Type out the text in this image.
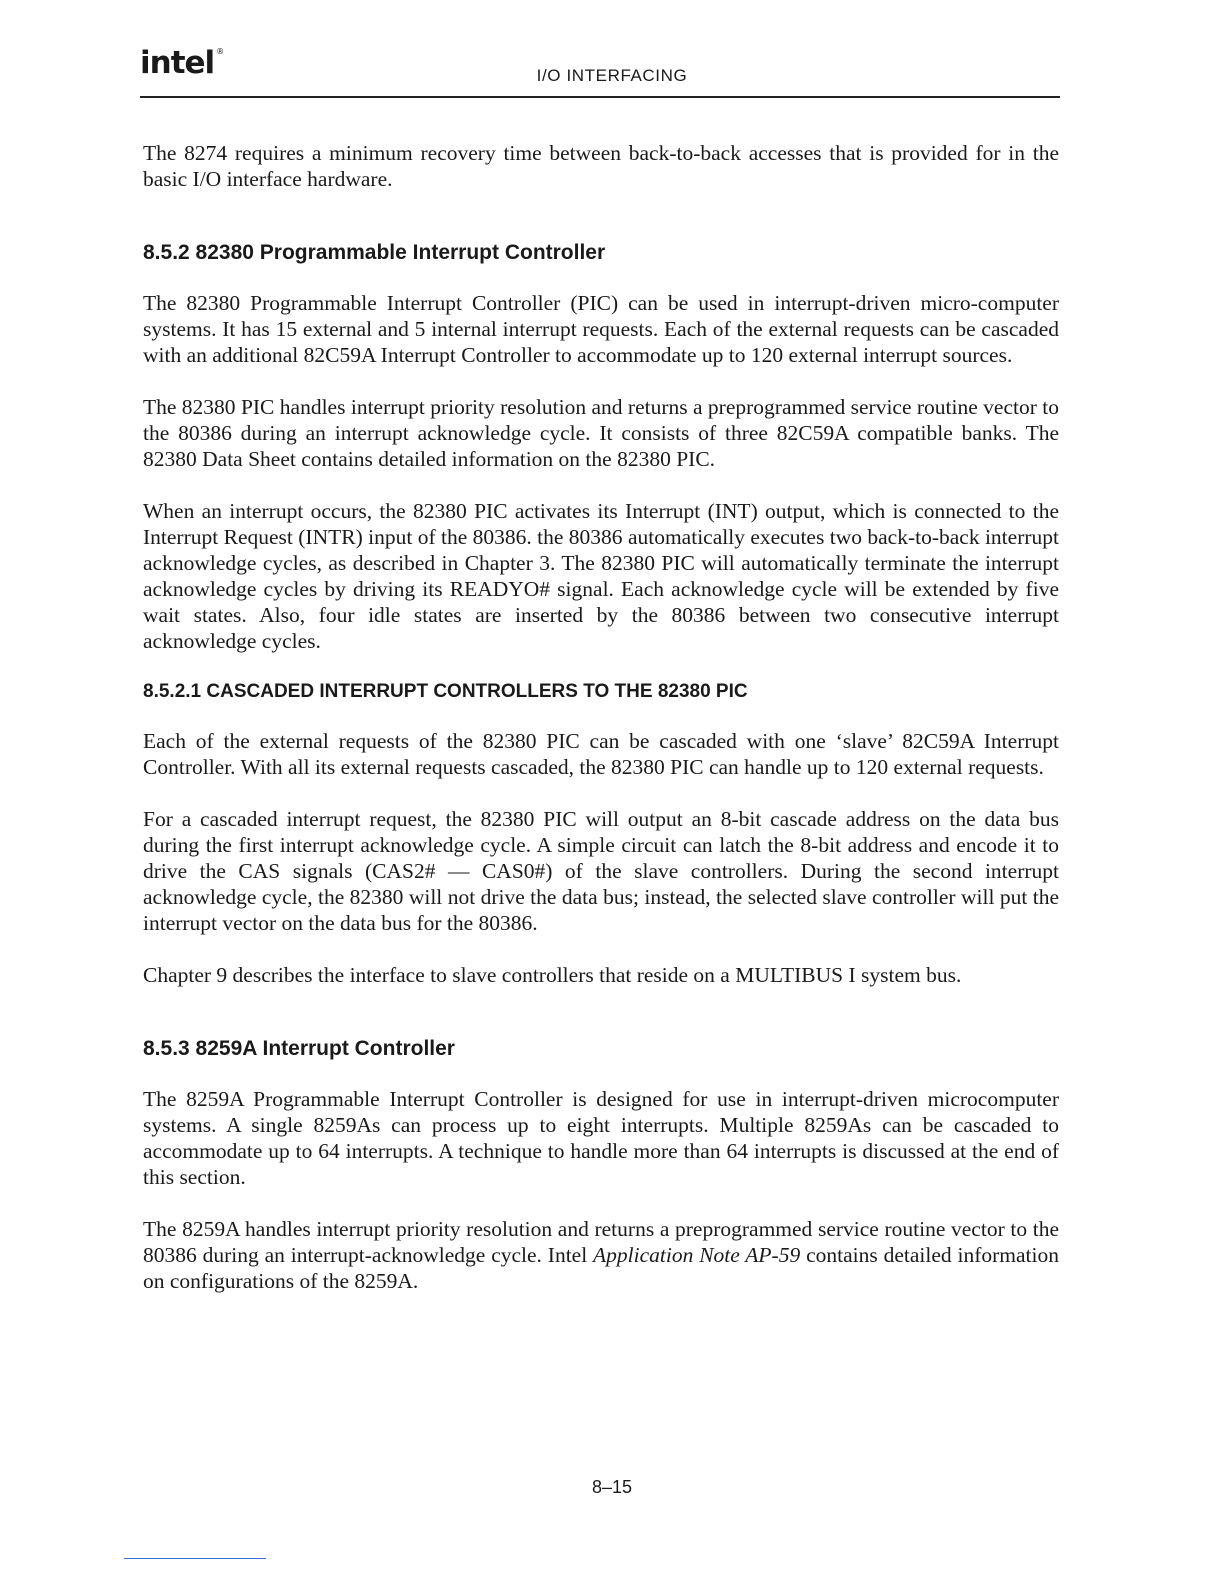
intel ®
I/O INTERFACING

The 8274 requires a minimum recovery time between back-to-back accesses that is provided for in the basic I/O interface hardware.

8.5.2 82380 Programmable Interrupt Controller

The 82380 Programmable Interrupt Controller (PIC) can be used in interrupt-driven micro-computer systems. It has 15 external and 5 internal interrupt requests. Each of the external requests can be cascaded with an additional 82C59A Interrupt Controller to accommodate up to 120 external interrupt sources.

The 82380 PIC handles interrupt priority resolution and returns a preprogrammed service routine vector to the 80386 during an interrupt acknowledge cycle. It consists of three 82C59A compatible banks. The 82380 Data Sheet contains detailed information on the 82380 PIC.

When an interrupt occurs, the 82380 PIC activates its Interrupt (INT) output, which is connected to the Interrupt Request (INTR) input of the 80386. the 80386 automatically executes two back-to-back interrupt acknowledge cycles, as described in Chapter 3. The 82380 PIC will automatically terminate the interrupt acknowledge cycles by driving its READYO# signal. Each acknowledge cycle will be extended by five wait states. Also, four idle states are inserted by the 80386 between two consecutive interrupt acknowledge cycles.

8.5.2.1 CASCADED INTERRUPT CONTROLLERS TO THE 82380 PIC

Each of the external requests of the 82380 PIC can be cascaded with one ‘slave’ 82C59A Interrupt Controller. With all its external requests cascaded, the 82380 PIC can handle up to 120 external requests.

For a cascaded interrupt request, the 82380 PIC will output an 8-bit cascade address on the data bus during the first interrupt acknowledge cycle. A simple circuit can latch the 8-bit address and encode it to drive the CAS signals (CAS2# — CAS0#) of the slave controllers. During the second interrupt acknowledge cycle, the 82380 will not drive the data bus; instead, the selected slave controller will put the interrupt vector on the data bus for the 80386.

Chapter 9 describes the interface to slave controllers that reside on a MULTIBUS I system bus.

8.5.3 8259A Interrupt Controller

The 8259A Programmable Interrupt Controller is designed for use in interrupt-driven microcomputer systems. A single 8259As can process up to eight interrupts. Multiple 8259As can be cascaded to accommodate up to 64 interrupts. A technique to handle more than 64 interrupts is discussed at the end of this section.

The 8259A handles interrupt priority resolution and returns a preprogrammed service routine vector to the 80386 during an interrupt-acknowledge cycle. Intel Application Note AP-59 contains detailed information on configurations of the 8259A.

8–15
